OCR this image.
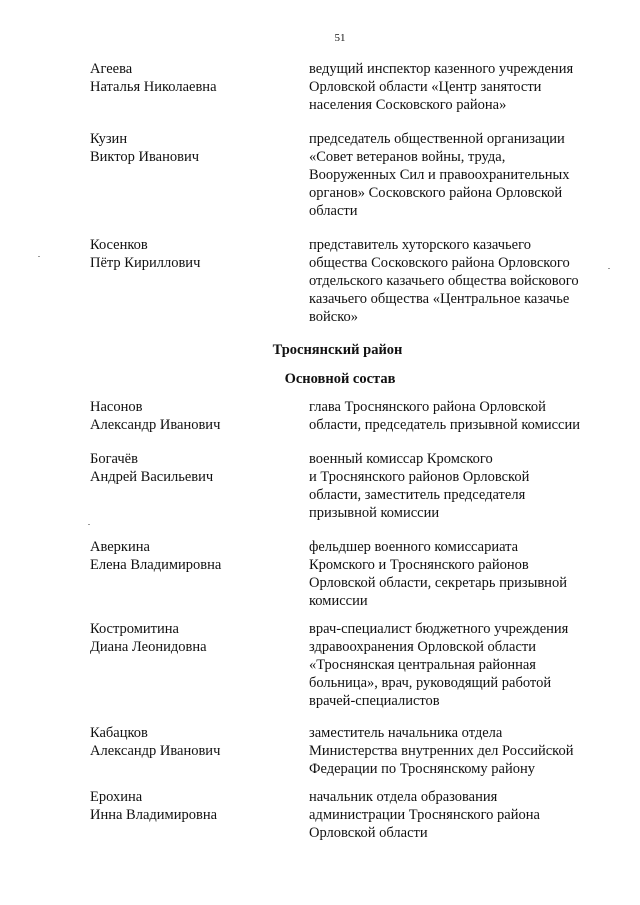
51
Агеева
Наталья Николаевна
ведущий инспектор казенного учреждения
Орловской области «Центр занятости
населения Сосковского района»
Кузин
Виктор Иванович
председатель общественной организации
«Совет ветеранов войны, труда,
Вооруженных Сил и правоохранительных
органов» Сосковского района Орловской
области
Косенков
Пётр Кириллович
представитель хуторского казачьего
общества Сосковского района Орловского
отдельского казачьего общества войскового
казачьего общества «Центральное казачье
войско»
Троснянский район
Основной состав
Насонов
Александр Иванович
глава Троснянского района Орловской
области, председатель призывной комиссии
Богачёв
Андрей Васильевич
военный комиссар Кромского
и Троснянского районов Орловской
области, заместитель председателя
призывной комиссии
Аверкина
Елена Владимировна
фельдшер военного комиссариата
Кромского и Троснянского районов
Орловской области, секретарь призывной
комиссии
Костромитина
Диана Леонидовна
врач-специалист бюджетного учреждения
здравоохранения Орловской области
«Троснянская центральная районная
больница», врач, руководящий работой
врачей-специалистов
Кабацков
Александр Иванович
заместитель начальника отдела
Министерства внутренних дел Российской
Федерации по Троснянскому району
Ерохина
Инна Владимировна
начальник отдела образования
администрации Троснянского района
Орловской области
